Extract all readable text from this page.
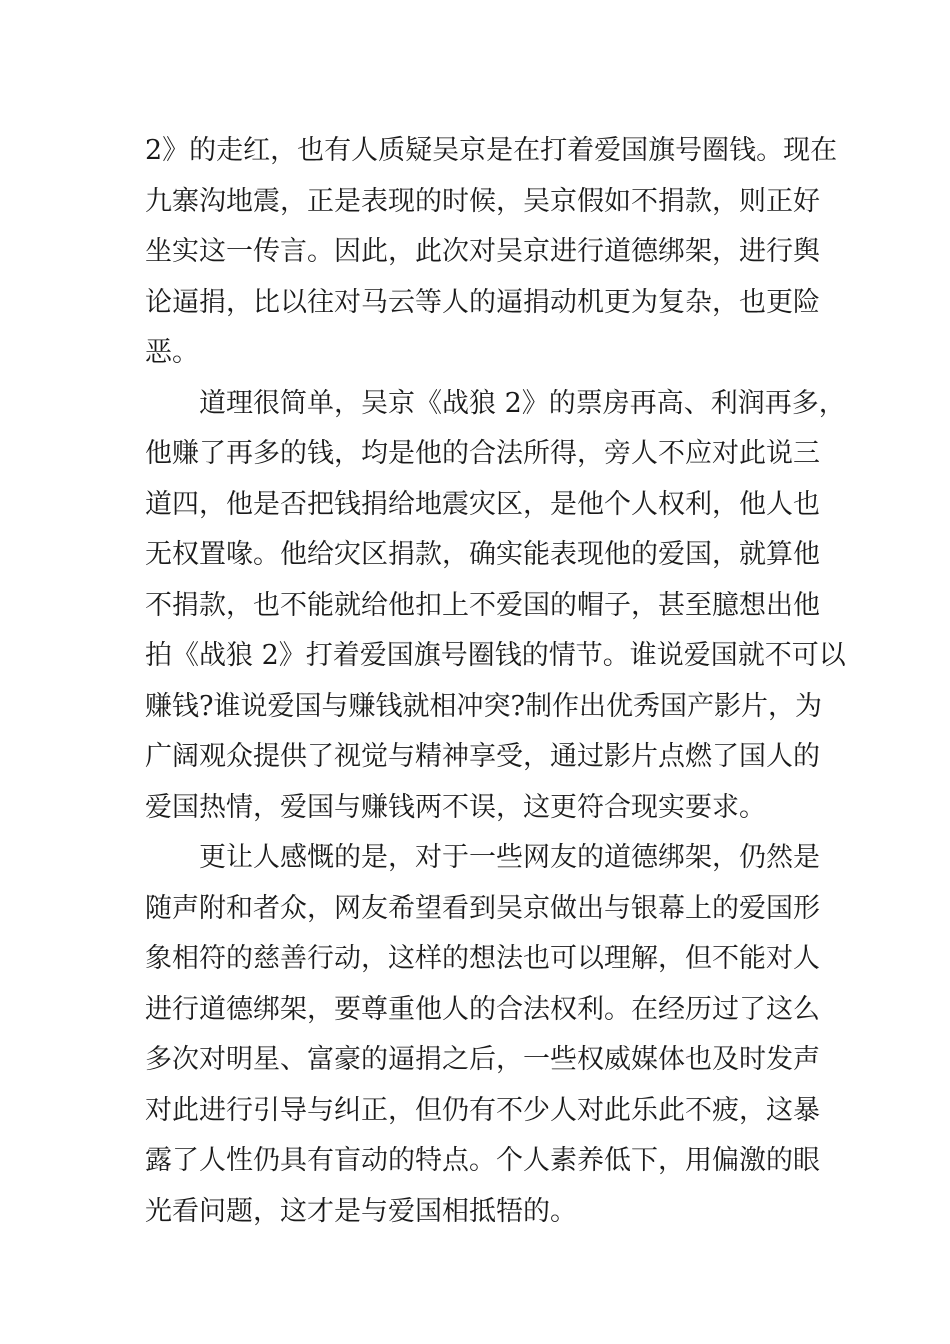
2》的走红，也有人质疑吴京是在打着爱国旗号圈钱。现在
九寨沟地震，正是表现的时候，吴京假如不捐款，则正好
坐实这一传言。因此，此次对吴京进行道德绑架，进行舆
论逼捐，比以往对马云等人的逼捐动机更为复杂，也更险
恶。
道理很简单，吴京《战狼 2》的票房再高、利润再多，
他赚了再多的钱，均是他的合法所得，旁人不应对此说三
道四，他是否把钱捐给地震灾区，是他个人权利，他人也
无权置喙。他给灾区捐款，确实能表现他的爱国，就算他
不捐款，也不能就给他扣上不爱国的帽子，甚至臆想出他
拍《战狼 2》打着爱国旗号圈钱的情节。谁说爱国就不可以
赚钱?谁说爱国与赚钱就相冲突?制作出优秀国产影片，为
广阔观众提供了视觉与精神享受，通过影片点燃了国人的
爱国热情，爱国与赚钱两不误，这更符合现实要求。
更让人感慨的是，对于一些网友的道德绑架，仍然是
随声附和者众，网友希望看到吴京做出与银幕上的爱国形
象相符的慈善行动，这样的想法也可以理解，但不能对人
进行道德绑架，要尊重他人的合法权利。在经历过了这么
多次对明星、富豪的逼捐之后，一些权威媒体也及时发声
对此进行引导与纠正，但仍有不少人对此乐此不疲，这暴
露了人性仍具有盲动的特点。个人素养低下，用偏激的眼
光看问题，这才是与爱国相抵牾的。
